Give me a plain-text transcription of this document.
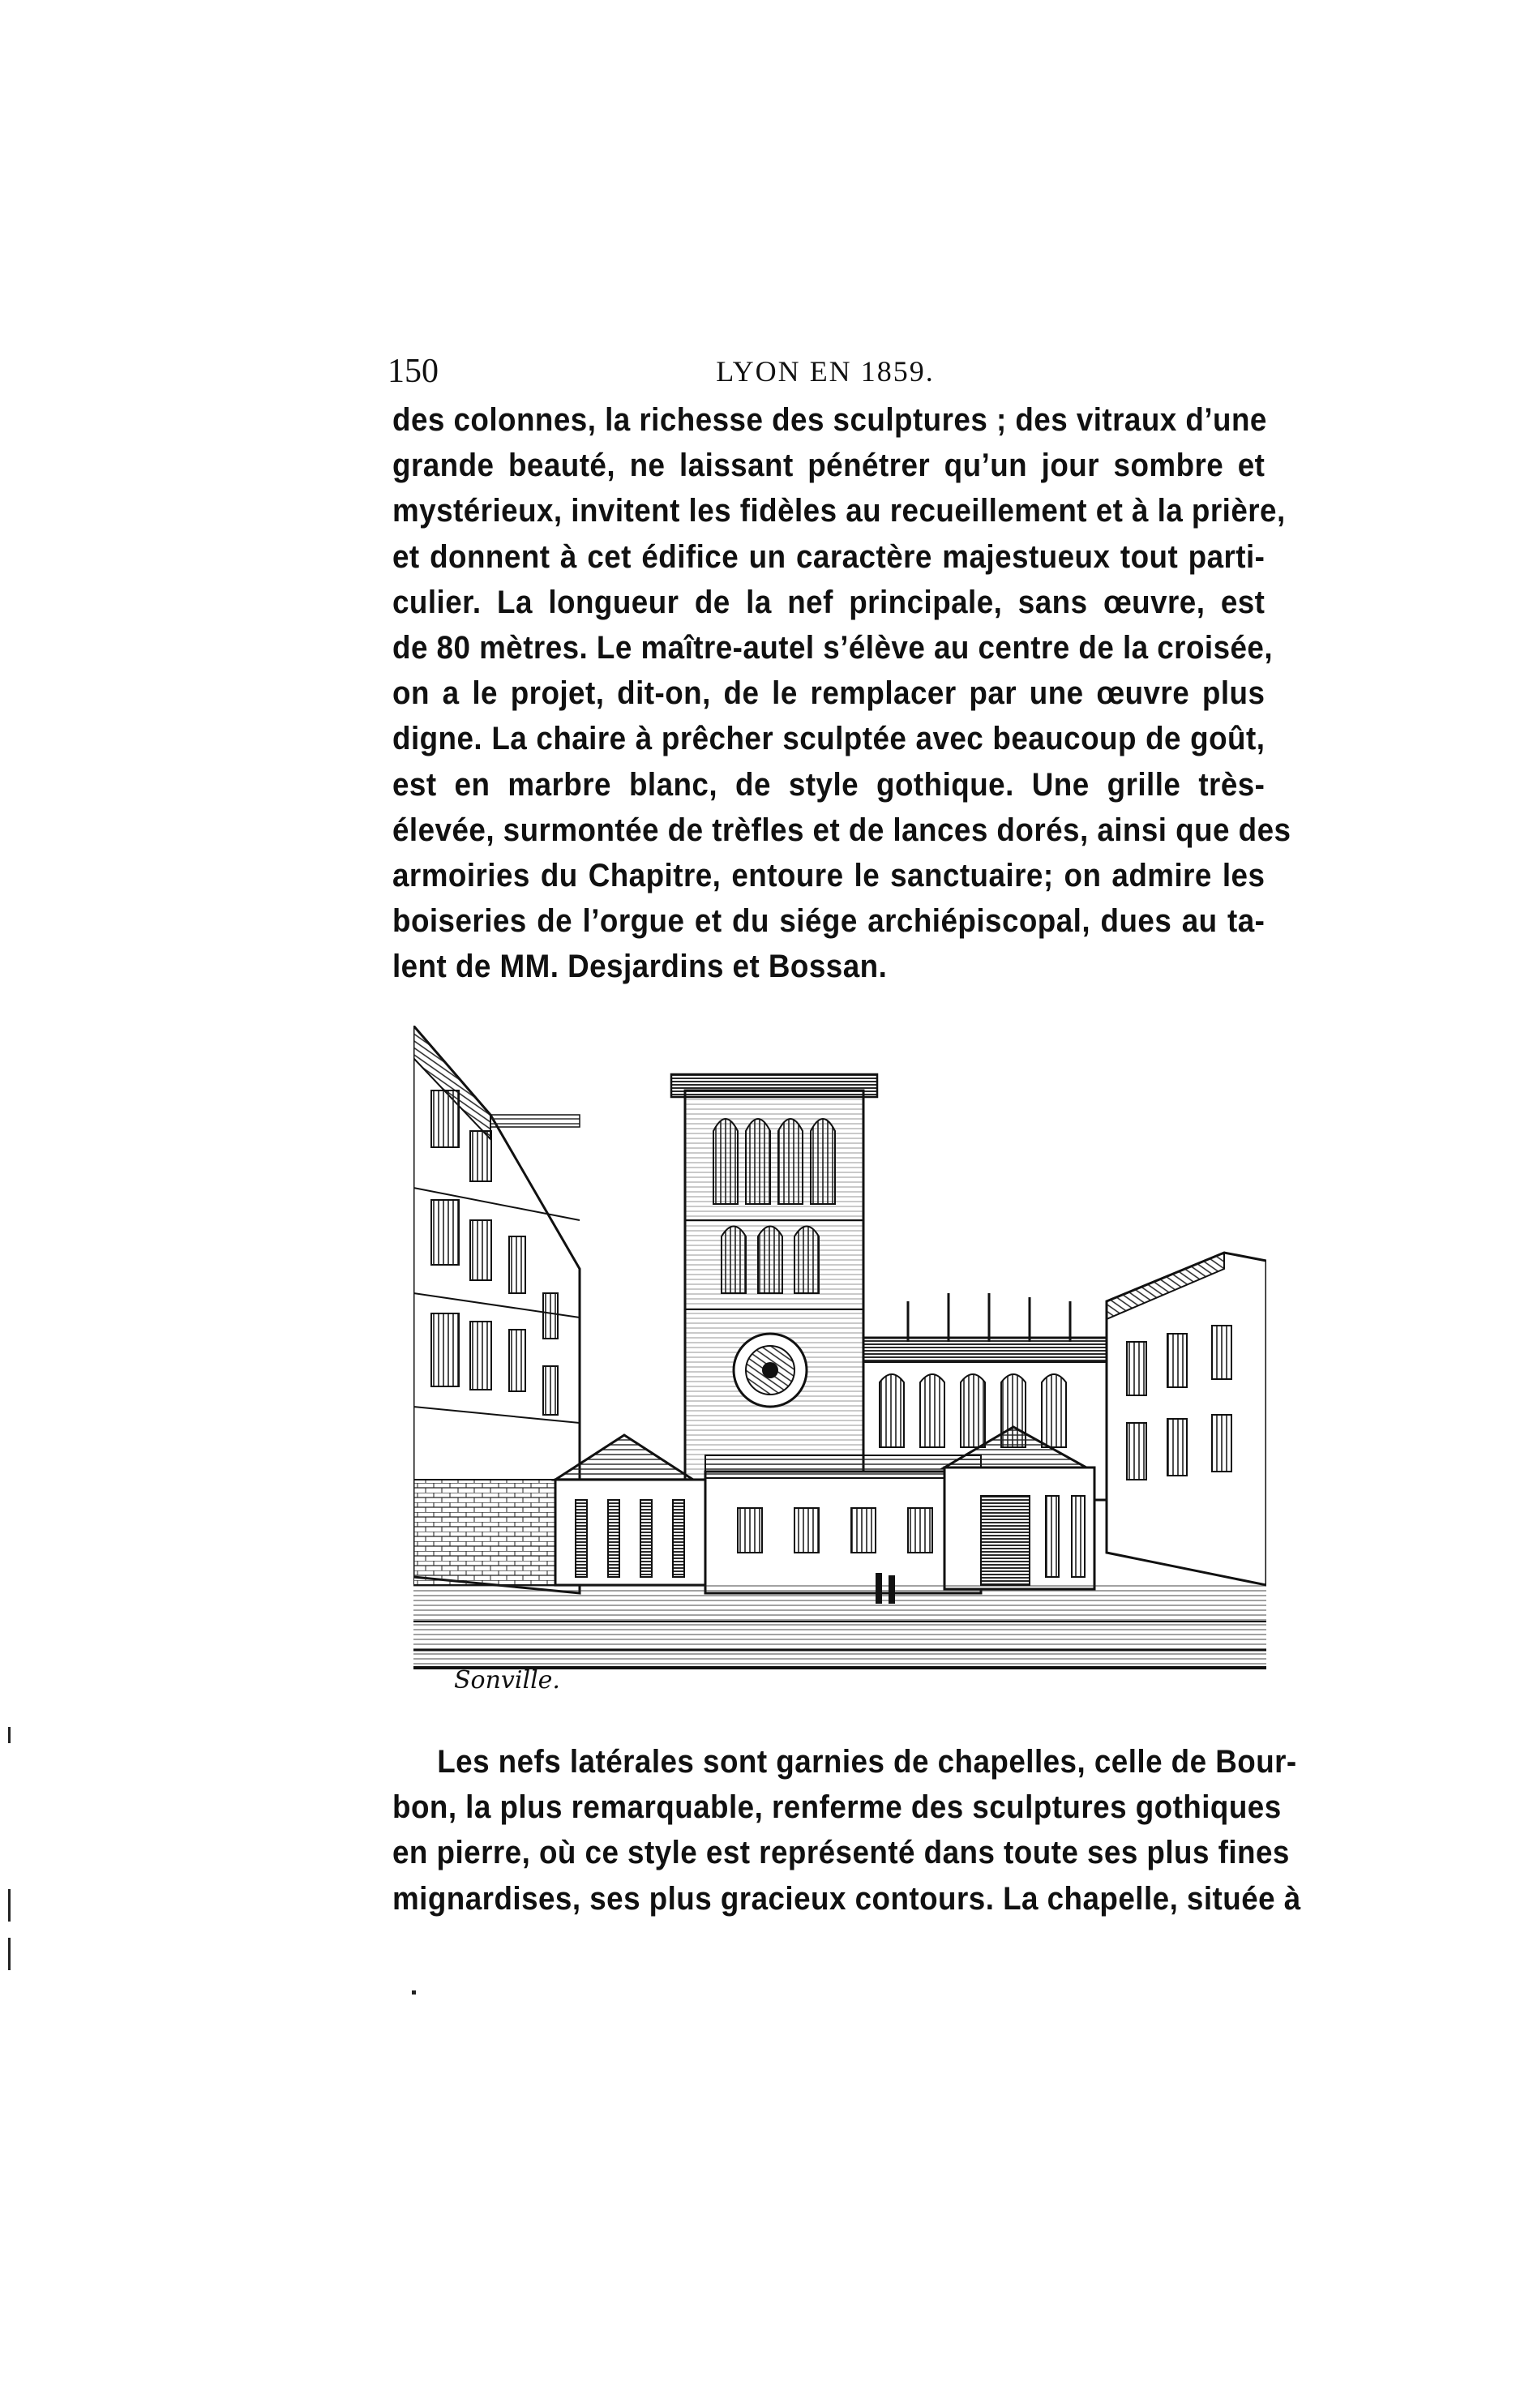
150	LYON EN 1859.
des colonnes, la richesse des sculptures ; des vitraux d’une
grande beauté, ne laissant pénétrer qu’un jour sombre et
mystérieux, invitent les fidèles au recueillement et à la prière,
et donnent à cet édifice un caractère majestueux tout parti-
culier. La longueur de la nef principale, sans œuvre, est
de 80 mètres. Le maître-autel s’élève au centre de la croisée,
on a le projet, dit-on, de le remplacer par une œuvre plus
digne. La chaire à prêcher sculptée avec beaucoup de goût,
est en marbre blanc, de style gothique. Une grille très-
élevée, surmontée de trèfles et de lances dorés, ainsi que des
armoiries du Chapitre, entoure le sanctuaire; on admire les
boiseries de l’orgue et du siége archiépiscopal, dues au ta-
lent de MM. Desjardins et Bossan.
Sonville.
Les nefs latérales sont garnies de chapelles, celle de Bour-
bon, la plus remarquable, renferme des sculptures gothiques
en pierre, où ce style est représenté dans toute ses plus fines
mignardises, ses plus gracieux contours. La chapelle, située à
